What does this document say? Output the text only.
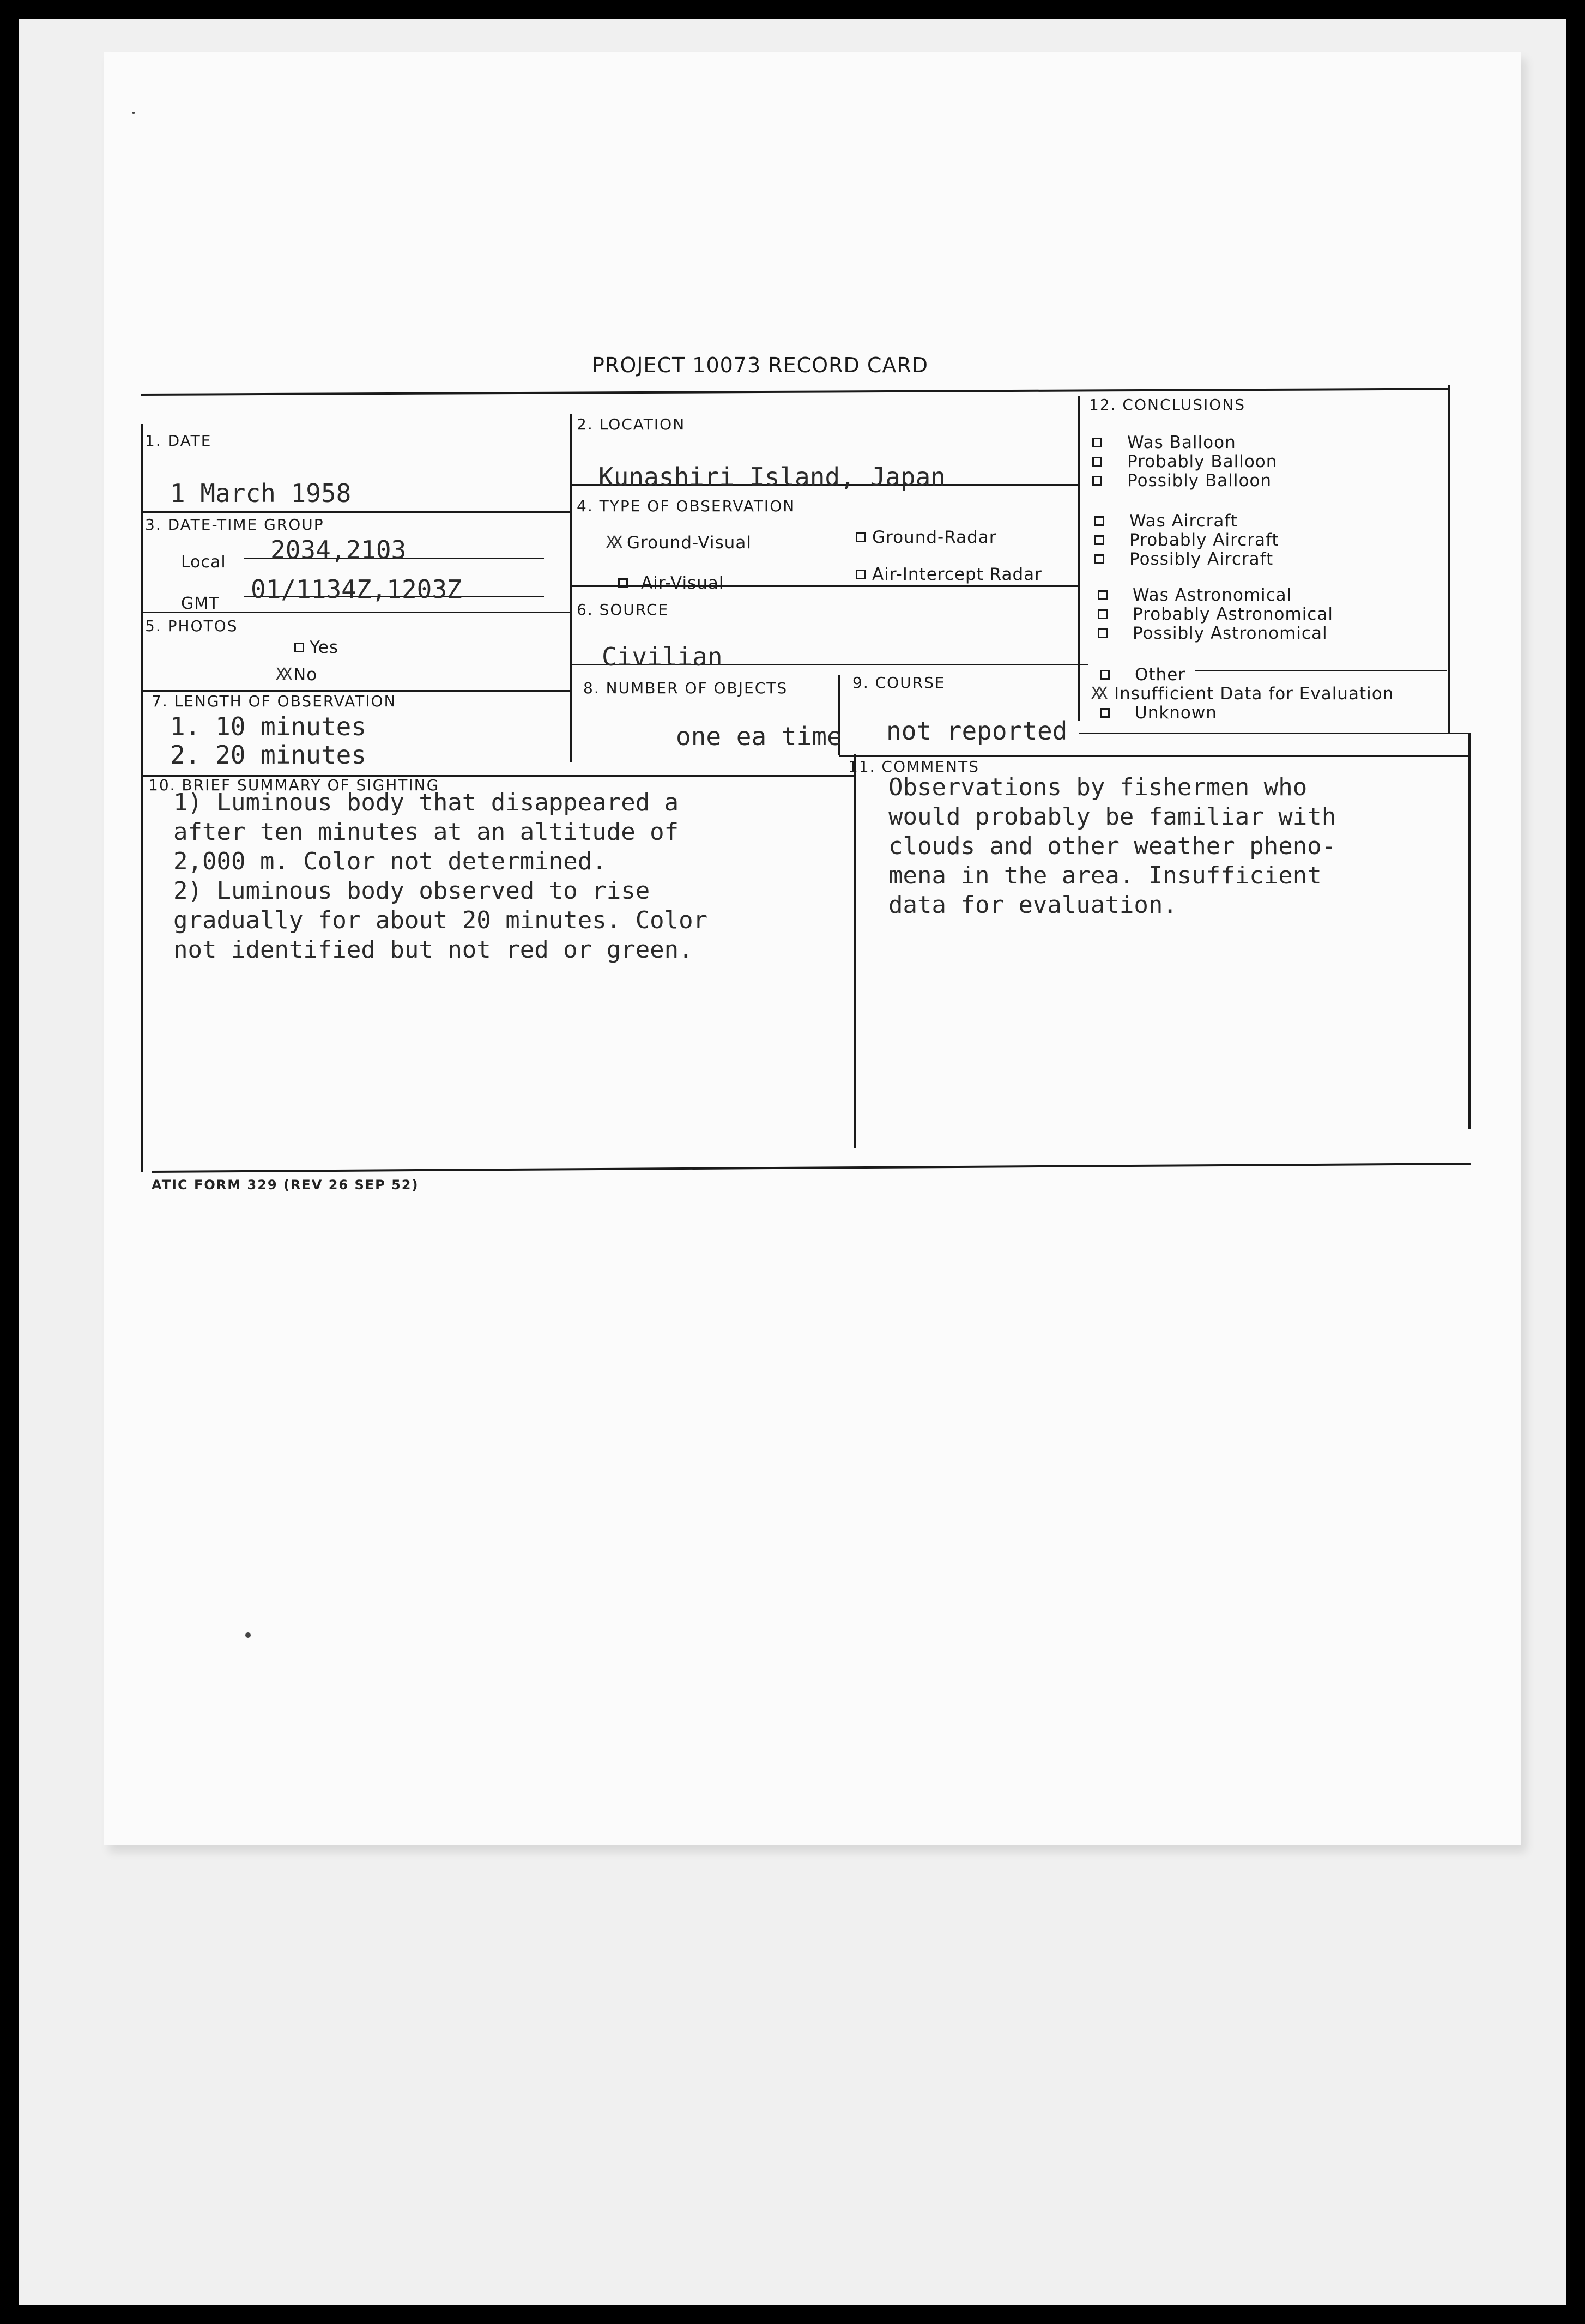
PROJECT 10073 RECORD CARD
1. DATE
1 March 1958
2. LOCATION
Kunashiri Island, Japan
3. DATE-TIME GROUP
Local 2034,2103
GMT 01/1134Z,1203Z
4. TYPE OF OBSERVATION
XX Ground-Visual	Ground-Radar
Air-Visual	Air-Intercept Radar
5. PHOTOS
Yes
XX No
6. SOURCE
Civilian
7. LENGTH OF OBSERVATION
1. 10 minutes
2. 20 minutes
8. NUMBER OF OBJECTS
one ea time
9. COURSE
not reported
10. BRIEF SUMMARY OF SIGHTING
1) Luminous body that disappeared a
after ten minutes at an altitude of
2,000 m. Color not determined.
2) Luminous body observed to rise
gradually for about 20 minutes. Color
not identified but not red or green.
11. COMMENTS
Observations by fishermen who
would probably be familiar with
clouds and other weather pheno-
mena in the area. Insufficient
data for evaluation.
12. CONCLUSIONS
Was Balloon
Probably Balloon
Possibly Balloon
Was Aircraft
Probably Aircraft
Possibly Aircraft
Was Astronomical
Probably Astronomical
Possibly Astronomical
Other
XX Insufficient Data for Evaluation
Unknown
ATIC FORM 329 (REV 26 SEP 52)
